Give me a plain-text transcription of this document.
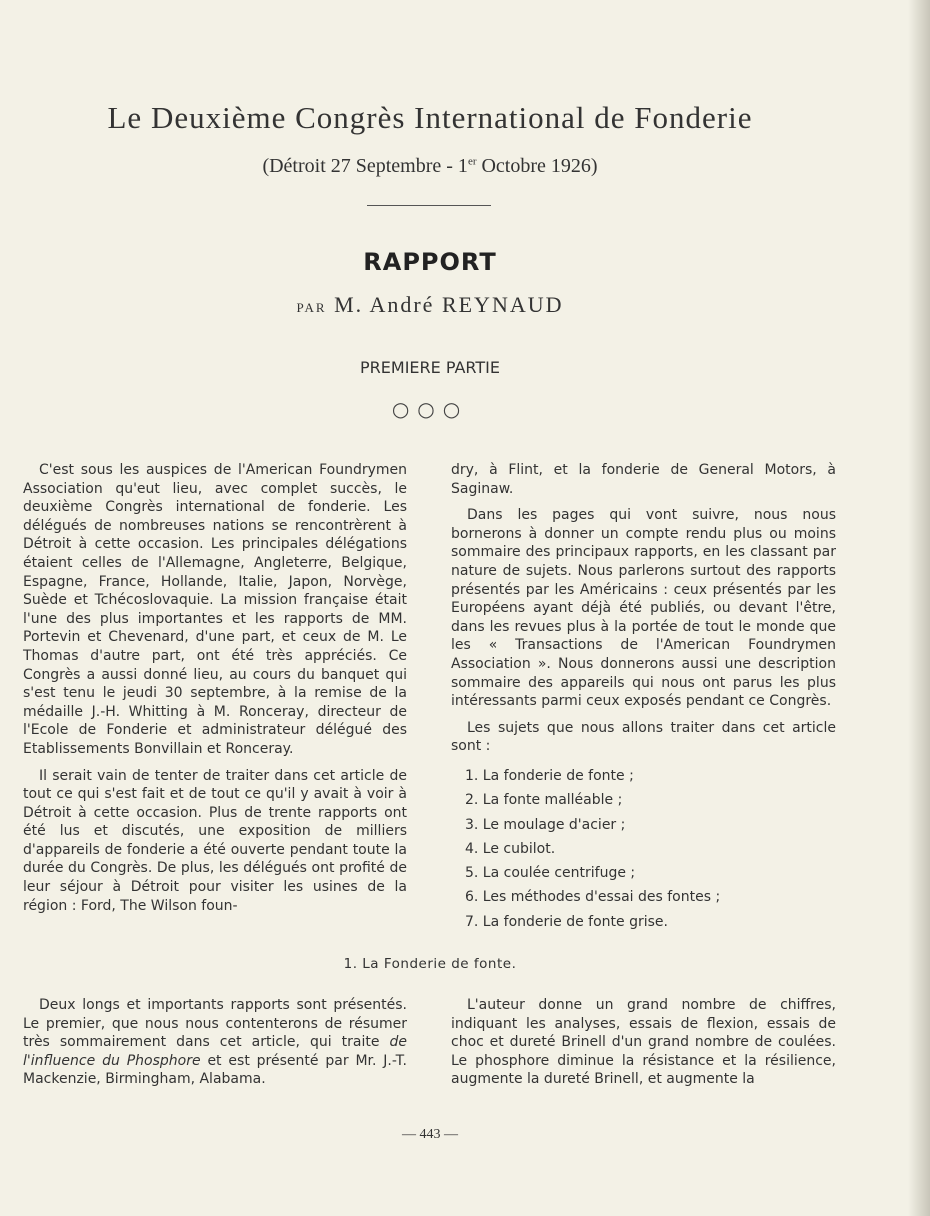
Le Deuxième Congrès International de Fonderie
(Détroit 27 Septembre - 1er Octobre 1926)
RAPPORT
PAR M. André REYNAUD
PREMIERE PARTIE
○○○

C'est sous les auspices de l'American Foundrymen Association qu'eut lieu, avec complet succès, le deuxième Congrès international de fonderie. Les délégués de nombreuses nations se rencontrèrent à Détroit à cette occasion. Les principales délégations étaient celles de l'Allemagne, Angleterre, Belgique, Espagne, France, Hollande, Italie, Japon, Norvège, Suède et Tchécoslovaquie. La mission française était l'une des plus importantes et les rapports de MM. Portevin et Chevenard, d'une part, et ceux de M. Le Thomas d'autre part, ont été très appréciés. Ce Congrès a aussi donné lieu, au cours du banquet qui s'est tenu le jeudi 30 septembre, à la remise de la médaille J.-H. Whitting à M. Ronceray, directeur de l'Ecole de Fonderie et administrateur délégué des Etablissements Bonvillain et Ronceray.

Il serait vain de tenter de traiter dans cet article de tout ce qui s'est fait et de tout ce qu'il y avait à voir à Détroit à cette occasion. Plus de trente rapports ont été lus et discutés, une exposition de milliers d'appareils de fonderie a été ouverte pendant toute la durée du Congrès. De plus, les délégués ont profité de leur séjour à Détroit pour visiter les usines de la région : Ford, The Wilson foun-

dry, à Flint, et la fonderie de General Motors, à Saginaw.

Dans les pages qui vont suivre, nous nous bornerons à donner un compte rendu plus ou moins sommaire des principaux rapports, en les classant par nature de sujets. Nous parlerons surtout des rapports présentés par les Américains : ceux présentés par les Européens ayant déjà été publiés, ou devant l'être, dans les revues plus à la portée de tout le monde que les « Transactions de l'American Foundrymen Association ». Nous donnerons aussi une description sommaire des appareils qui nous ont parus les plus intéressants parmi ceux exposés pendant ce Congrès.

Les sujets que nous allons traiter dans cet article sont :

1. La fonderie de fonte ;
2. La fonte malléable ;
3. Le moulage d'acier ;
4. Le cubilot.
5. La coulée centrifuge ;
6. Les méthodes d'essai des fontes ;
7. La fonderie de fonte grise.
1. La Fonderie de fonte.

Deux longs et importants rapports sont présentés. Le premier, que nous nous contenterons de résumer très sommairement dans cet article, qui traite de l'influence du Phosphore et est présenté par Mr. J.-T. Mackenzie, Birmingham, Alabama.

L'auteur donne un grand nombre de chiffres, indiquant les analyses, essais de flexion, essais de choc et dureté Brinell d'un grand nombre de coulées. Le phosphore diminue la résistance et la résilience, augmente la dureté Brinell, et augmente la

— 443 —
